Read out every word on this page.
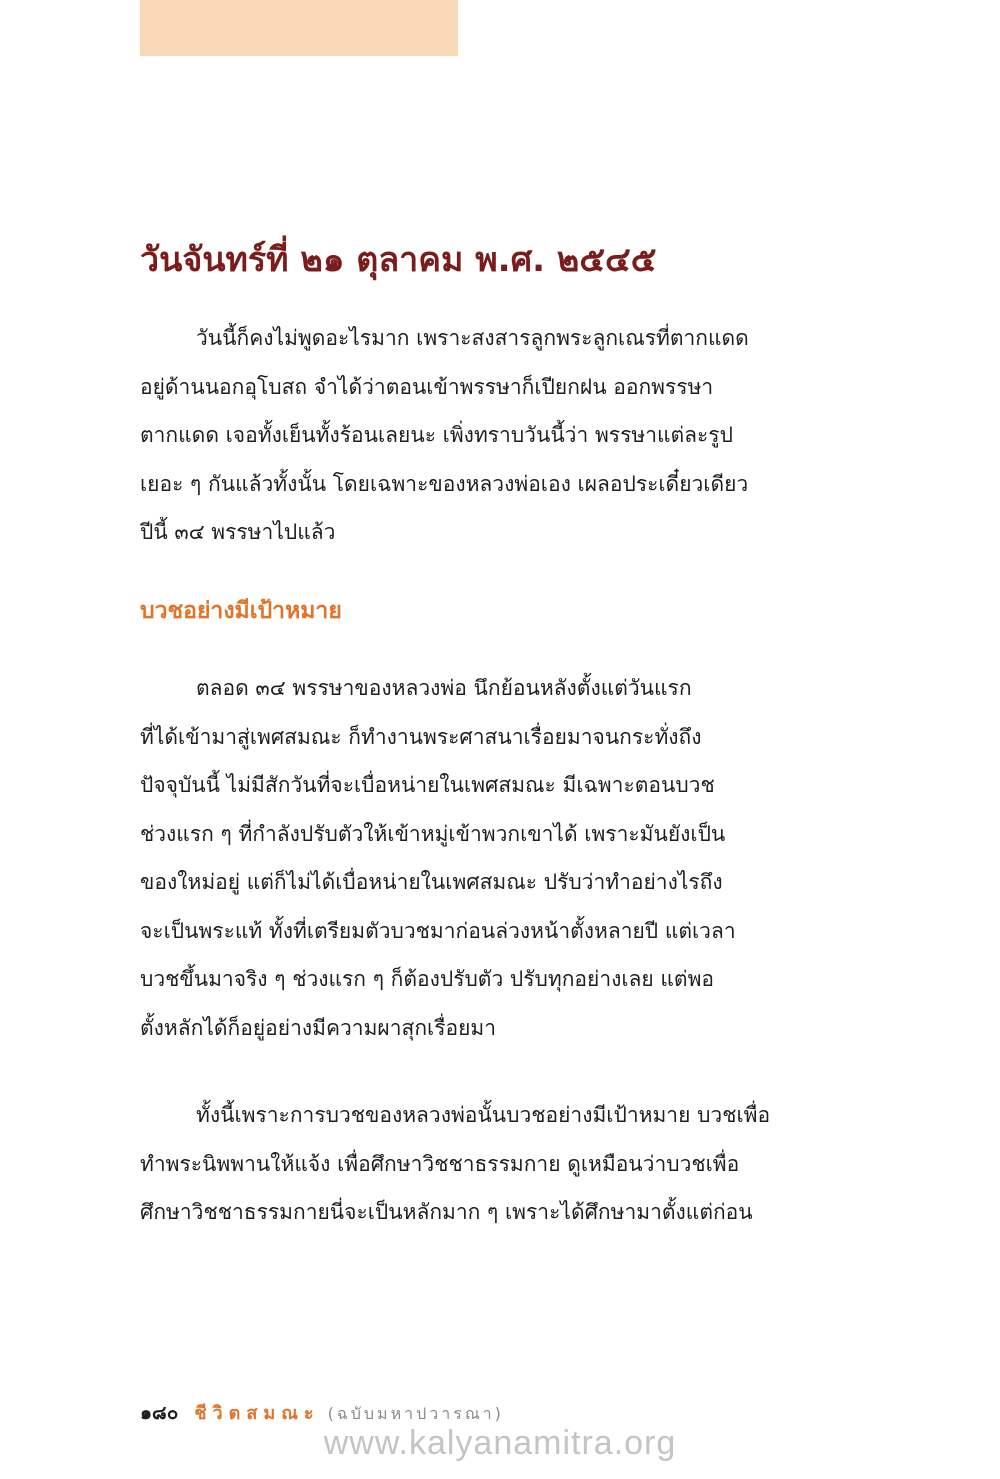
วันจันทร์ที่ ๒๑ ตุลาคม พ.ศ. ๒๕๔๕
วันนี้ก็คงไม่พูดอะไรมาก เพราะสงสารลูกพระลูกเณรที่ตากแดด
อยู่ด้านนอกอุโบสถ จำได้ว่าตอนเข้าพรรษาก็เปียกฝน ออกพรรษา
ตากแดด เจอทั้งเย็นทั้งร้อนเลยนะ เพิ่งทราบวันนี้ว่า พรรษาแต่ละรูป
เยอะ ๆ กันแล้วทั้งนั้น โดยเฉพาะของหลวงพ่อเอง เผลอประเดี๋ยวเดียว
ปีนี้ ๓๔ พรรษาไปแล้ว
บวชอย่างมีเป้าหมาย
ตลอด ๓๔ พรรษาของหลวงพ่อ นึกย้อนหลังตั้งแต่วันแรก
ที่ได้เข้ามาสู่เพศสมณะ ก็ทำงานพระศาสนาเรื่อยมาจนกระทั่งถึง
ปัจจุบันนี้ ไม่มีสักวันที่จะเบื่อหน่ายในเพศสมณะ มีเฉพาะตอนบวช
ช่วงแรก ๆ ที่กำลังปรับตัวให้เข้าหมู่เข้าพวกเขาได้ เพราะมันยังเป็น
ของใหม่อยู่ แต่ก็ไม่ได้เบื่อหน่ายในเพศสมณะ ปรับว่าทำอย่างไรถึง
จะเป็นพระแท้ ทั้งที่เตรียมตัวบวชมาก่อนล่วงหน้าตั้งหลายปี แต่เวลา
บวชขึ้นมาจริง ๆ ช่วงแรก ๆ ก็ต้องปรับตัว ปรับทุกอย่างเลย แต่พอ
ตั้งหลักได้ก็อยู่อย่างมีความผาสุกเรื่อยมา
ทั้งนี้เพราะการบวชของหลวงพ่อนั้นบวชอย่างมีเป้าหมาย บวชเพื่อ
ทำพระนิพพานให้แจ้ง เพื่อศึกษาวิชชาธรรมกาย ดูเหมือนว่าบวชเพื่อ
ศึกษาวิชชาธรรมกายนี่จะเป็นหลักมาก ๆ เพราะได้ศึกษามาตั้งแต่ก่อน
๑๘๐ ชีวิตสมณะ (ฉบับมหาปวารณา)
www.kalyanamitra.org
